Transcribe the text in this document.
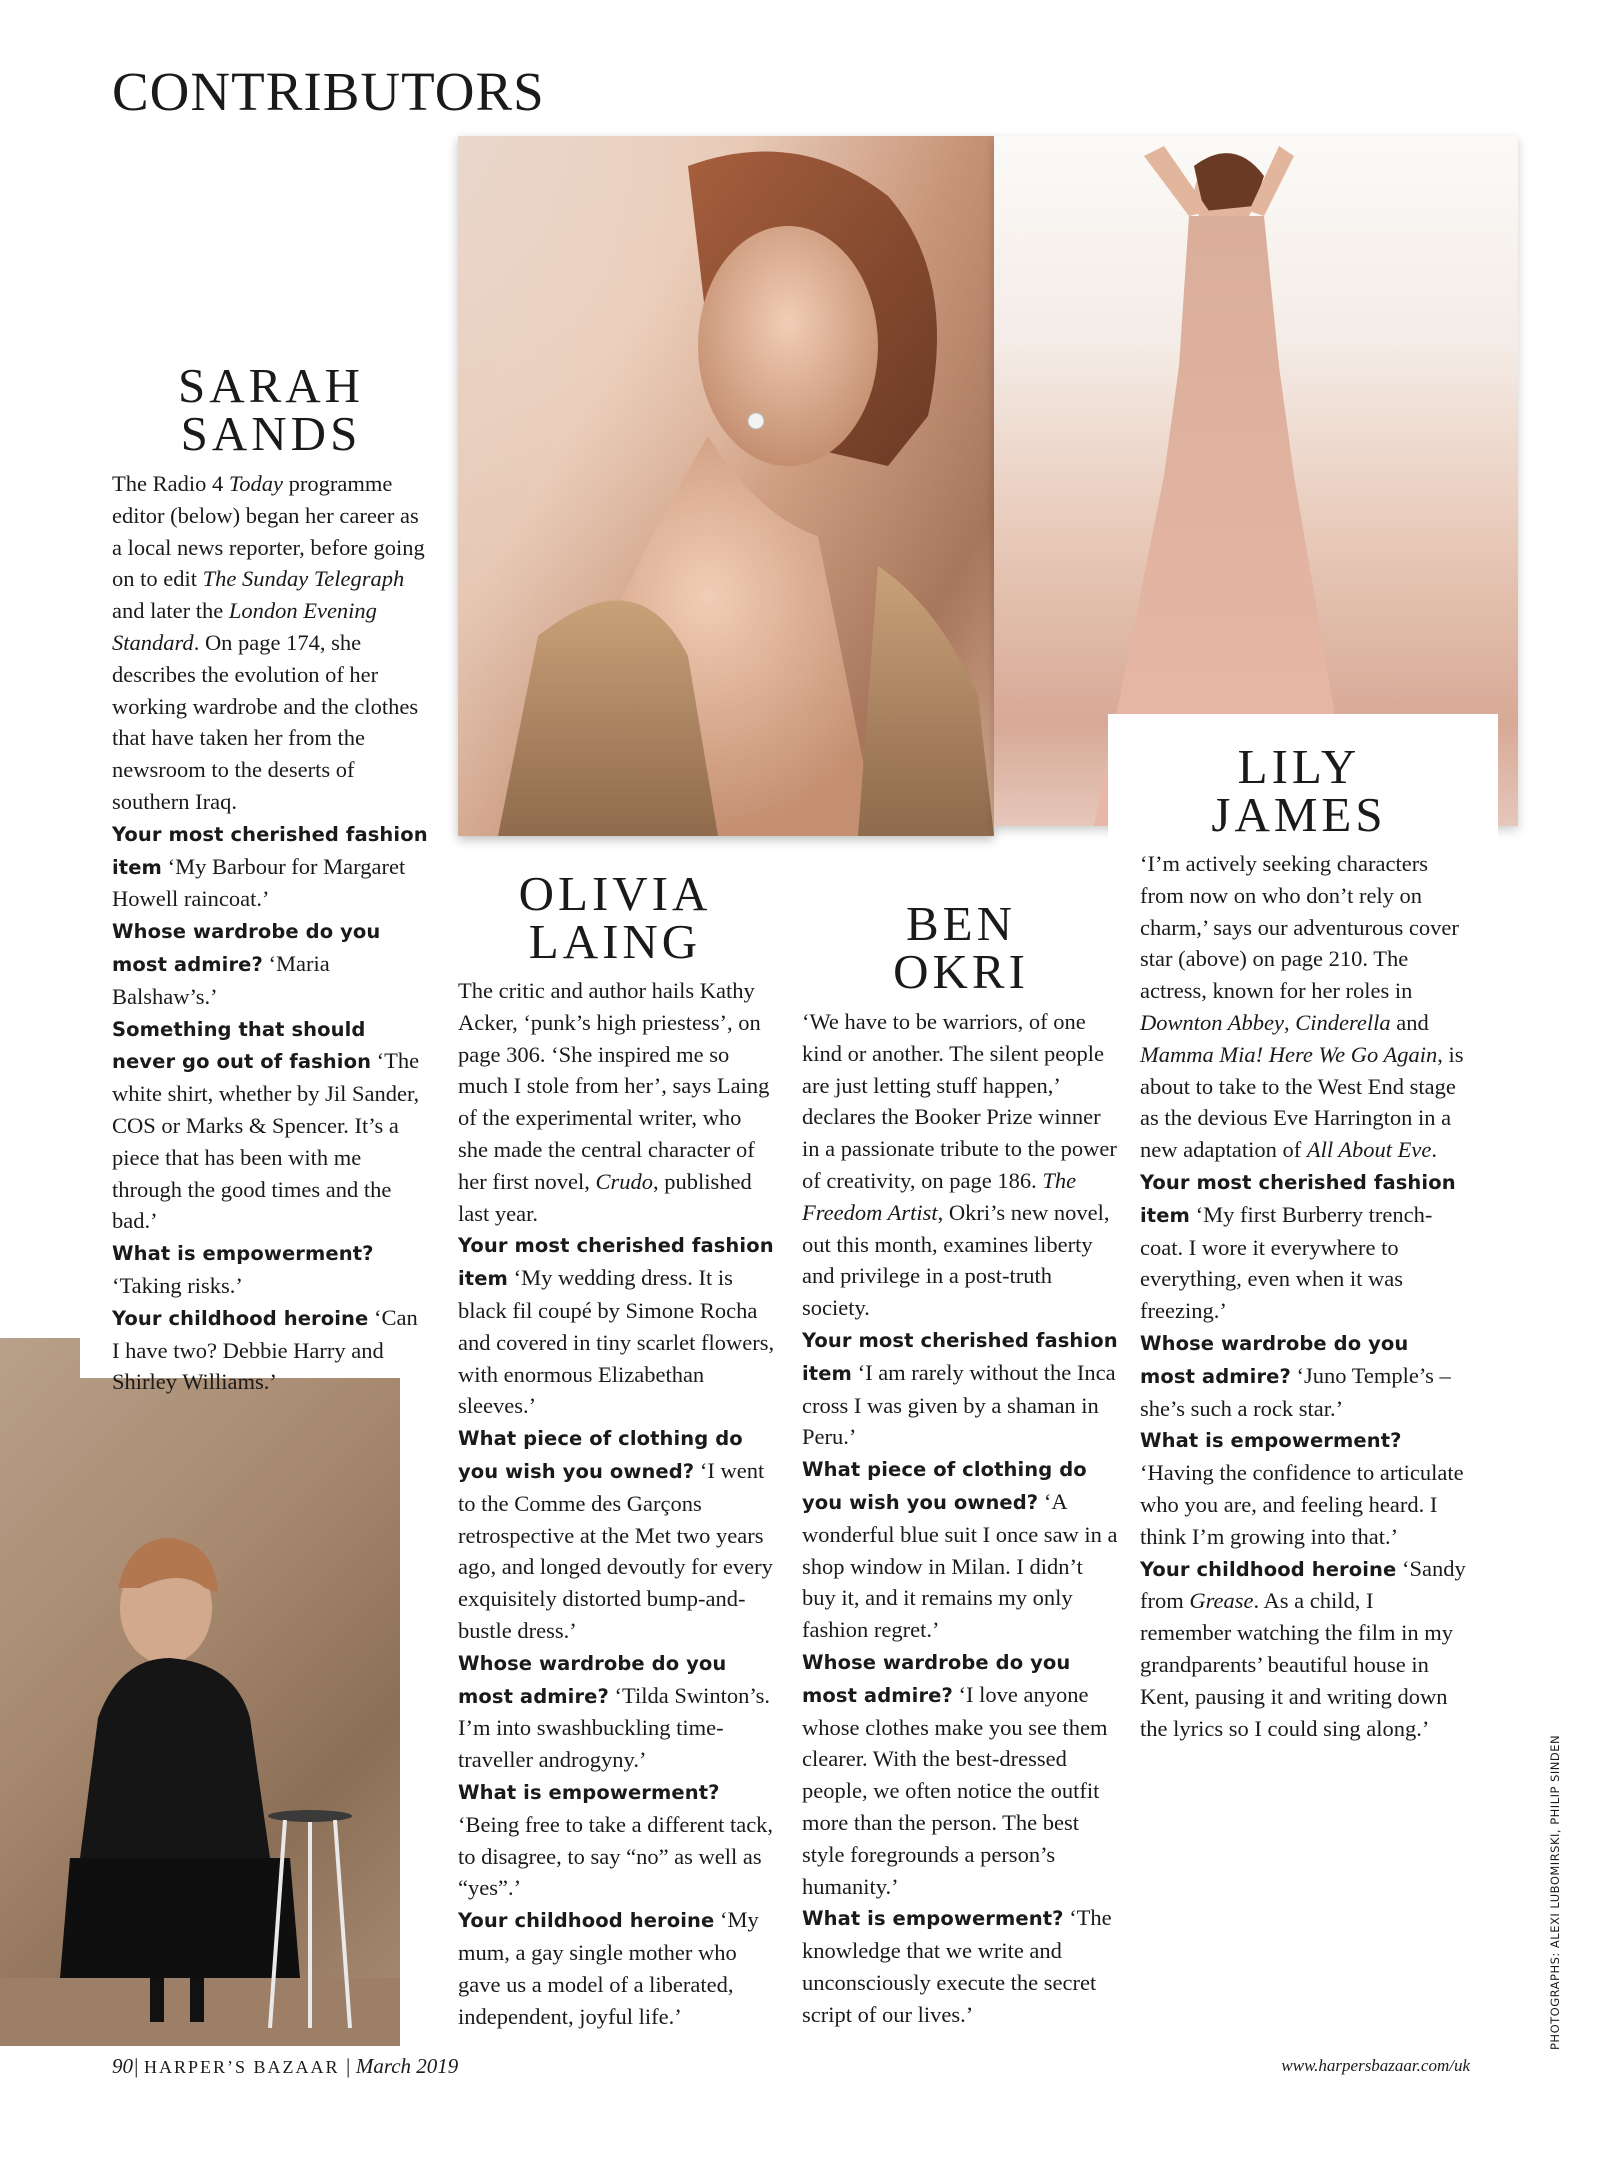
CONTRIBUTORS
SARAH
SANDS

The Radio 4 Today programme editor (below) began her career as a local news reporter, before going on to edit The Sunday Telegraph and later the London Evening Standard. On page 174, she describes the evolution of her working wardrobe and the clothes that have taken her from the newsroom to the deserts of southern Iraq.

Your most cherished fashion item ‘My Barbour for Margaret Howell raincoat.’

Whose wardrobe do you most admire? ‘Maria Balshaw’s.’

Something that should never go out of fashion ‘The white shirt, whether by Jil Sander, COS or Marks & Spencer. It’s a piece that has been with me through the good times and the bad.’

What is empowerment? ‘Taking risks.’

Your childhood heroine ‘Can I have two? Debbie Harry and Shirley Williams.’

OLIVIA
LAING

The critic and author hails Kathy Acker, ‘punk’s high priestess’, on page 306. ‘She inspired me so much I stole from her’, says Laing of the experimental writer, who she made the central character of her first novel, Crudo, published last year.

Your most cherished fashion item ‘My wedding dress. It is black fil coupé by Simone Rocha and covered in tiny scarlet flowers, with enormous Elizabethan sleeves.’

What piece of clothing do you wish you owned? ‘I went to the Comme des Garçons retrospective at the Met two years ago, and longed devoutly for every exquisitely distorted bump-and-bustle dress.’

Whose wardrobe do you most admire? ‘Tilda Swinton’s. I’m into swashbuckling time-traveller androgyny.’

What is empowerment? ‘Being free to take a different tack, to disagree, to say “no” as well as “yes”.’

Your childhood heroine ‘My mum, a gay single mother who gave us a model of a liberated, independent, joyful life.’

BEN
OKRI

‘We have to be warriors, of one kind or another. The silent people are just letting stuff happen,’ declares the Booker Prize winner in a passionate tribute to the power of creativity, on page 186. The Freedom Artist, Okri’s new novel, out this month, examines liberty and privilege in a post-truth society.

Your most cherished fashion item ‘I am rarely without the Inca cross I was given by a shaman in Peru.’

What piece of clothing do you wish you owned? ‘A wonderful blue suit I once saw in a shop window in Milan. I didn’t buy it, and it remains my only fashion regret.’

Whose wardrobe do you most admire? ‘I love anyone whose clothes make you see them clearer. With the best-dressed people, we often notice the outfit more than the person. The best style foregrounds a person’s humanity.’

What is empowerment? ‘The knowledge that we write and unconsciously execute the secret script of our lives.’

LILY
JAMES

‘I’m actively seeking characters from now on who don’t rely on charm,’ says our adventurous cover star (above) on page 210. The actress, known for her roles in Downton Abbey, Cinderella and Mamma Mia! Here We Go Again, is about to take to the West End stage as the devious Eve Harrington in a new adaptation of All About Eve.

Your most cherished fashion item ‘My first Burberry trench-coat. I wore it everywhere to everything, even when it was freezing.’

Whose wardrobe do you most admire? ‘Juno Temple’s – she’s such a rock star.’

What is empowerment? ‘Having the confidence to articulate who you are, and feeling heard. I think I’m growing into that.’

Your childhood heroine ‘Sandy from Grease. As a child, I remember watching the film in my grandparents’ beautiful house in Kent, pausing it and writing down the lyrics so I could sing along.’

PHOTOGRAPHS: ALEXI LUBOMIRSKI, PHILIP SINDEN
90| HARPER’S BAZAAR | March 2019	www.harpersbazaar.com/uk
